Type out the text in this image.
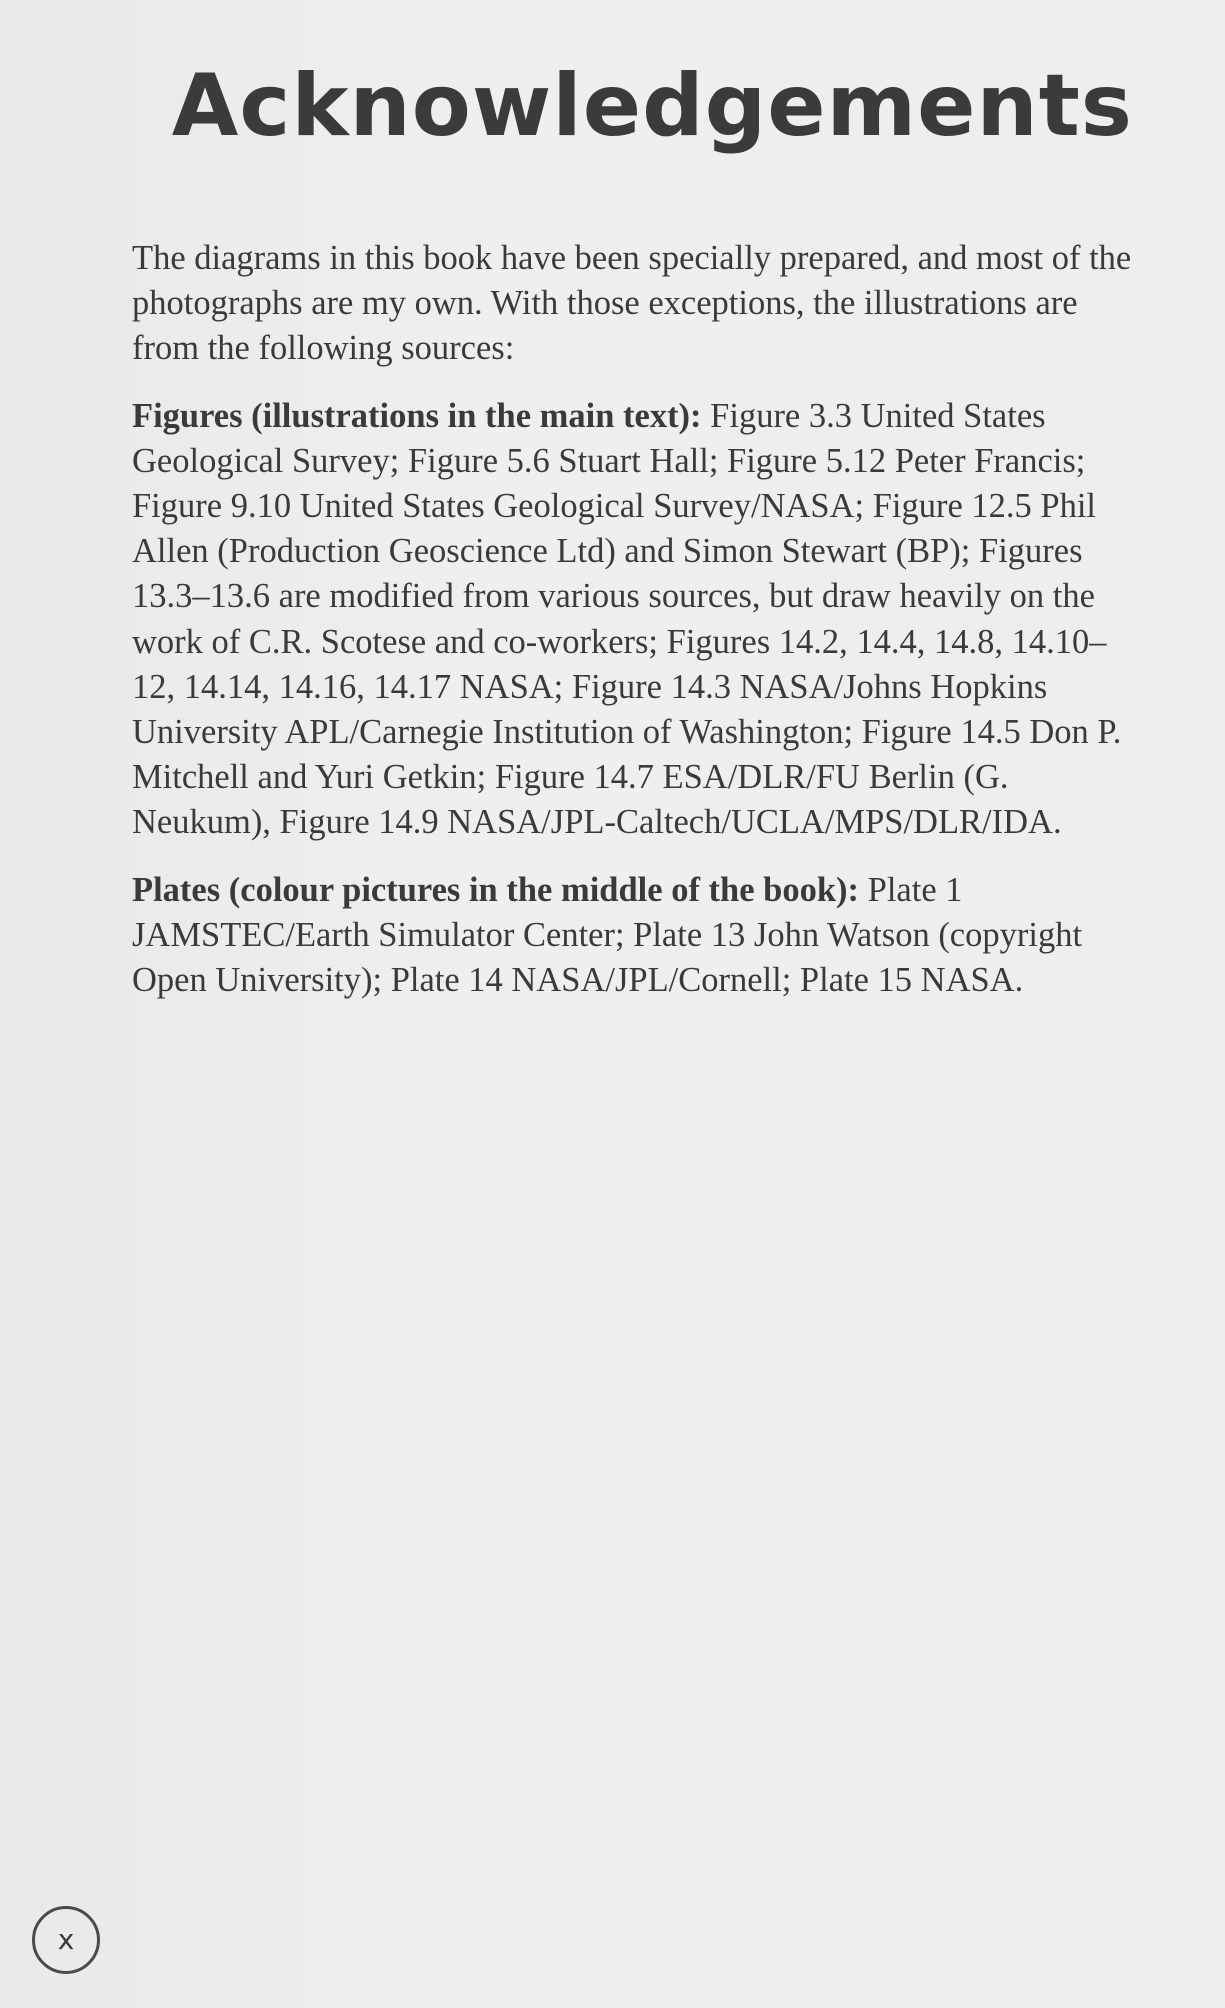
Acknowledgements

The diagrams in this book have been specially prepared, and most of the photographs are my own. With those exceptions, the illustrations are from the following sources:

Figures (illustrations in the main text): Figure 3.3 United States Geological Survey; Figure 5.6 Stuart Hall; Figure 5.12 Peter Francis; Figure 9.10 United States Geological Survey/NASA; Figure 12.5 Phil Allen (Production Geoscience Ltd) and Simon Stewart (BP); Figures 13.3–13.6 are modified from various sources, but draw heavily on the work of C.R. Scotese and co-workers; Figures 14.2, 14.4, 14.8, 14.10–12, 14.14, 14.16, 14.17 NASA; Figure 14.3 NASA/Johns Hopkins University APL/Carnegie Institution of Washington; Figure 14.5 Don P. Mitchell and Yuri Getkin; Figure 14.7 ESA/DLR/FU Berlin (G. Neukum), Figure 14.9 NASA/JPL-Caltech/UCLA/MPS/DLR/IDA.

Plates (colour pictures in the middle of the book): Plate 1 JAMSTEC/Earth Simulator Center; Plate 13 John Watson (copyright Open University); Plate 14 NASA/JPL/Cornell; Plate 15 NASA.

x
